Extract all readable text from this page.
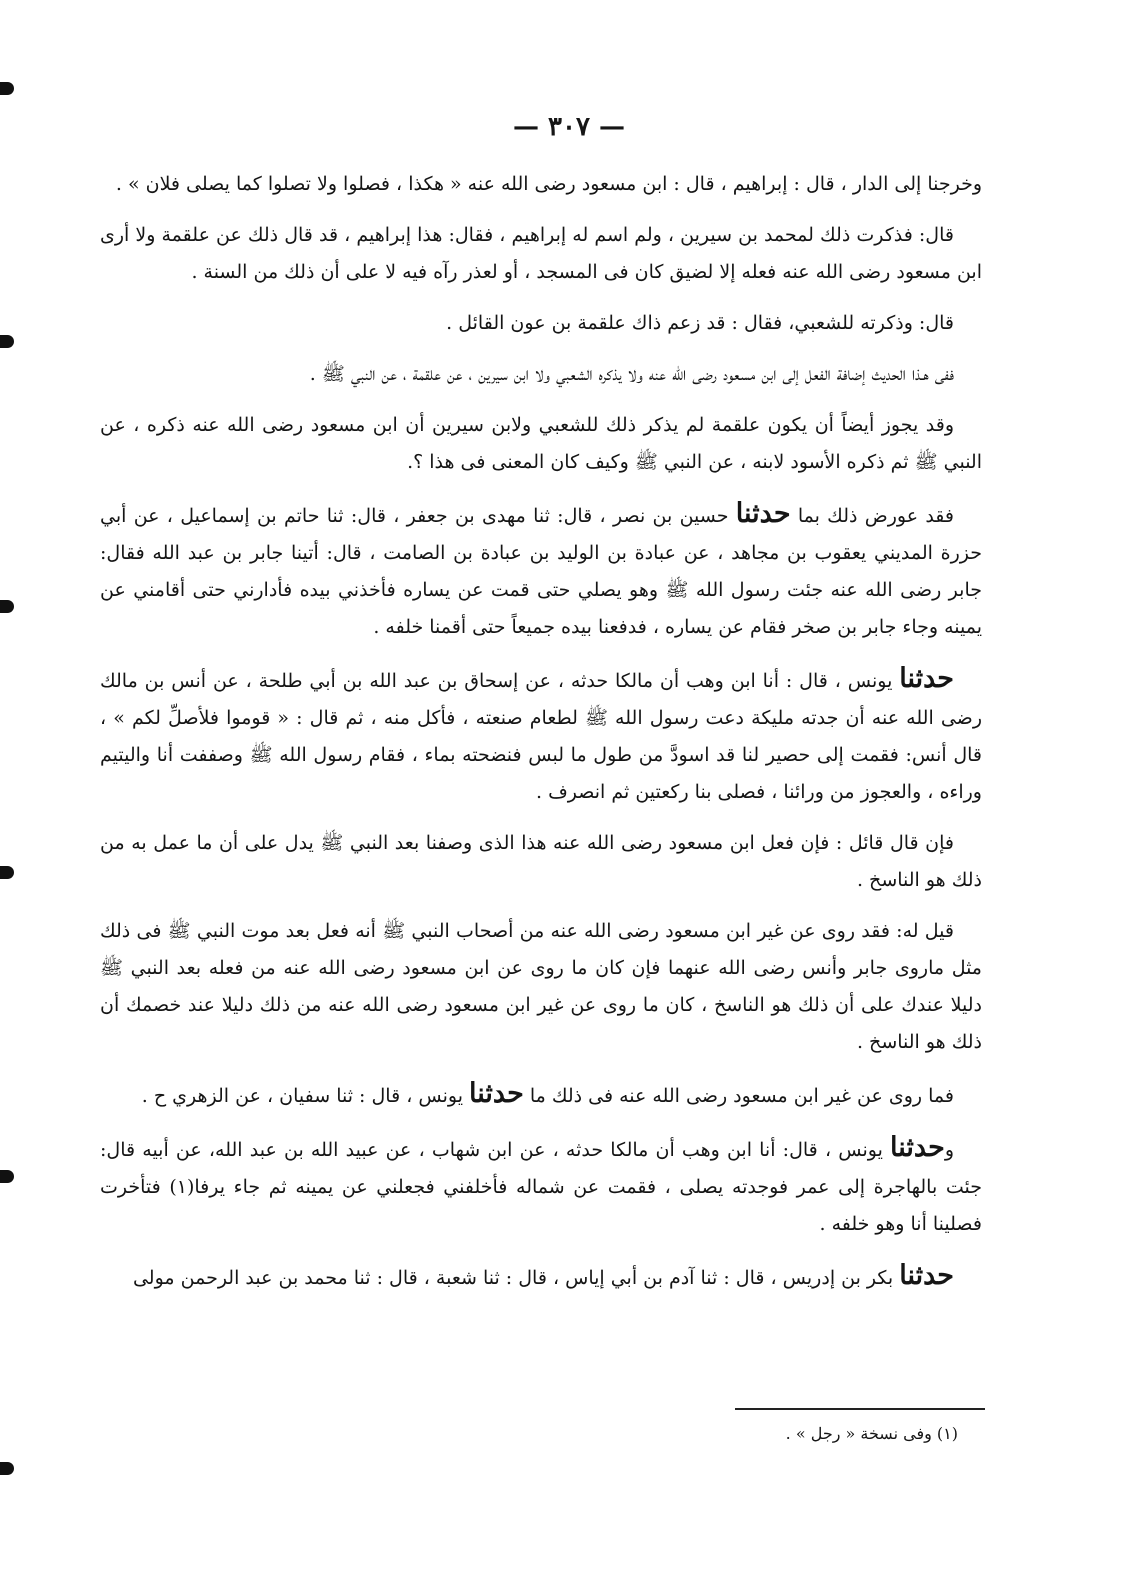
— ٣٠٧ —

وخرجنا إلى الدار ، قال : إبراهيم ، قال : ابن مسعود رضى الله عنه « هكذا ، فصلوا ولا تصلوا كما يصلى فلان » .

قال: فذكرت ذلك لمحمد بن سيرين ، ولم اسم له إبراهيم ، فقال: هذا إبراهيم ، قد قال ذلك عن علقمة ولا أرى ابن مسعود رضى الله عنه فعله إلا لضيق كان فى المسجد ، أو لعذر رآه فيه لا على أن ذلك من السنة .

قال: وذكرته للشعبي، فقال : قد زعم ذاك علقمة بن عون القائل .

ففى هـذا الحديث إضافة الفعل إلى ابن مسعود رضى الله عنه ولا يذكره الشعبي ولا ابن سيرين ، عن علقمة ، عن النبي ﷺ .

وقد يجوز أيضاً أن يكون علقمة لم يذكر ذلك للشعبي ولابن سيرين أن ابن مسعود رضى الله عنه ذكره ، عن النبي ﷺ ثم ذكره الأسود لابنه ، عن النبي ﷺ وكيف كان المعنى فى هذا ؟.

فقد عورض ذلك بما حدثنا حسين بن نصر ، قال: ثنا مهدى بن جعفر ، قال: ثنا حاتم بن إسماعيل ، عن أبي حزرة المديني يعقوب بن مجاهد ، عن عبادة بن الوليد بن عبادة بن الصامت ، قال: أتينا جابر بن عبد الله فقال: جابر رضى الله عنه جئت رسول الله ﷺ وهو يصلي حتى قمت عن يساره فأخذني بيده فأدارني حتى أقامني عن يمينه وجاء جابر بن صخر فقام عن يساره ، فدفعنا بيده جميعاً حتى أقمنا خلفه .

حدثنا يونس ، قال : أنا ابن وهب أن مالكا حدثه ، عن إسحاق بن عبد الله بن أبي طلحة ، عن أنس بن مالك رضى الله عنه أن جدته مليكة دعت رسول الله ﷺ لطعام صنعته ، فأكل منه ، ثم قال : « قوموا فلأصلِّ لكم » ، قال أنس: فقمت إلى حصير لنا قد اسودَّ من طول ما لبس فنضحته بماء ، فقام رسول الله ﷺ وصففت أنا واليتيم وراءه ، والعجوز من ورائنا ، فصلى بنا ركعتين ثم انصرف .

فإن قال قائل : فإن فعل ابن مسعود رضى الله عنه هذا الذى وصفنا بعد النبي ﷺ يدل على أن ما عمل به من ذلك هو الناسخ .

قيل له: فقد روى عن غير ابن مسعود رضى الله عنه من أصحاب النبي ﷺ أنه فعل بعد موت النبي ﷺ فى ذلك مثل ماروى جابر وأنس رضى الله عنهما فإن كان ما روى عن ابن مسعود رضى الله عنه من فعله بعد النبي ﷺ دليلا عندك على أن ذلك هو الناسخ ، كان ما روى عن غير ابن مسعود رضى الله عنه من ذلك دليلا عند خصمك أن ذلك هو الناسخ .

فما روى عن غير ابن مسعود رضى الله عنه فى ذلك ما حدثنا يونس ، قال : ثنا سفيان ، عن الزهري ح .

وحدثنا يونس ، قال: أنا ابن وهب أن مالكا حدثه ، عن ابن شهاب ، عن عبيد الله بن عبد الله، عن أبيه قال: جئت بالهاجرة إلى عمر فوجدته يصلى ، فقمت عن شماله فأخلفني فجعلني عن يمينه ثم جاء يرفا(١) فتأخرت فصلينا أنا وهو خلفه .

حدثنا بكر بن إدريس ، قال : ثنا آدم بن أبي إياس ، قال : ثنا شعبة ، قال : ثنا محمد بن عبد الرحمن مولى

(١) وفى نسخة « رجل » .
